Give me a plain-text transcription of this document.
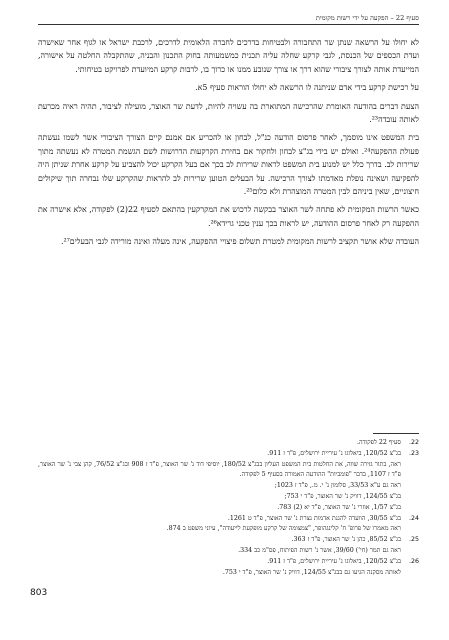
סעיף 22 – הפקעה על ידי רשות מקומית

לא יחולו על הרשאה שנתן שר התחבורה ולבטיחות בדרכים לחברה הלאומית לדרכים, לרכבת ישראל או לגוף אחר שאישרה ועדת הכספים של הכנסת, לגבי קרקע שחלה עליה תכנית כמשמעותה בחוק התכנון והבניה, שהתקבלה החלטה על אישורה, המייעדת אותה לצורך ציבורי שהוא דרך או צורך שנובע ממנו או כרוך בו, לרבות קרקע המיועדת לפרויקט בטיחותי.

על רכישת קרקע בידי אדם שניתנה לו הרשאה לא יחולו הוראות סעיף 5א.

הצעת דברים בהודעה האומרת שהרכישה המתוארת בה עשויה להיות, לדעת שר האוצר, מועילה לציבור, תהיה ראיה מכרעת לאותה עובדה²³.

בית המשפט אינו מוסמך, לאחר פרסום הודעה כנ"ל, לבחון או להכריע אם אמנם קיים הצורך הציבורי אשר לשמו נעשתה פעולת ההפקעה²⁴. ואולם יש בידי בג"צ לבחון ולחקור אם בחירת הקרקעות הדרושות לשם הגשמת המטרה לא נעשתה מתוך שרירות לב. בדרך כלל יש למנוע בית המשפט לראות שרירות לב בכך אם בעל הקרקע יכול להצביע על קרקע אחרת שניתן היה להפקיעה ושאינה נופלת מאדמתו לצורך הרכישה. על הבעלים הטוען שרירות לב להראות שהקרקע שלו נבחרה תוך שיקולים חיצוניים, שאין ביניהם לבין המטרה המוצהרת ולא כלום²⁵.

כאשר הרשות המקומית לא פתחה לשר האוצר בבקשה לרכוש את המקרקעין בהתאם לסעיף 22(2) לפקודה, אלא אישרה את ההפקעה רק לאחר פרסום ההודעה, יש לראות בכך ענין טכני גרידא²⁶.

העובדה שלא אושר תקציב לרשות המקומית למטרת תשלום פיצויי ההפקעה, אינה מעלה ואינה מורידה לגבי הבעלים²⁷.

22.
סעיף 22 לפקודה.
23.
בג"צ 120/52, ביאלוגו נ' עיריית ירושלים, פ"ד ז 911.
ראה, בתור גזירה שווה, את החלטות בית המשפט העליון בבג"צ 180/52, יוסיפי דוד נ' שר האוצר, פ"ד ז 908 ובג"צ 76/52, קהן צבי נ' שר האוצר, פ"ד ז 1107, בדבר "פומביות" ההודעה האמורה בסעיף 5 לפקודה.
ראה גם ע"א 33/53, סלומון נ' י. מ., פ"ד ז 1023;
בג"צ 124/55, דוויק נ' שר האוצר, פ"ד י 753;
בג"צ 1/57, אוזרי נ' שר האוצר, פ"ד יא (2) 783.
24.
בג"צ 30/55, הוועדה להגנת אדמות נצרת נ' שר האוצר, פ"ד ט 1261.
ראה מאמרו של פרופ' ח' קלינגהופר, "צמצומה של קרקע מופקעת לייעודה", עיוני משפט ב 874.
25.
בג"צ 85/52, כהן נ' שר האוצר, פ"ד ז 363.
ראה גם תמר (חי') 39/60, אשר נ' רשות הפיתוח, פס"מ כב 334.
26.
בג"צ 120/52, ביאלוגו נ' עיריית ירושלים, פ"ד ז 911.
לאותה מסקנה הגיעו גם בבג"צ 124/55, דוויק נ' שר האוצר, פ"ד י 753.
803
